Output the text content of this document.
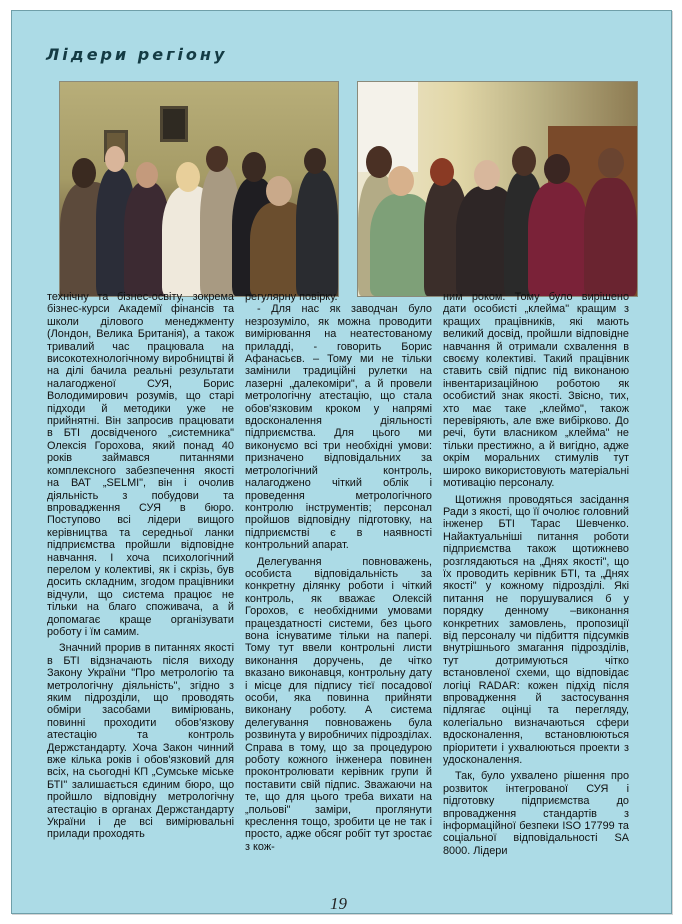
Лідери регіону

технічну та бізнес-освіту, зокрема бізнес-курси Академії фінансів та школи ділового менеджменту (Лондон, Велика Британія), а також тривалий час працювала на високотехнологічному виробництві й на ділі бачила реальні результати налагодженої СУЯ, Борис Володимирович розумів, що старі підходи й методики уже не прийнятні. Він запросив працювати в БТІ досвідченого „системника" Олексія Горохова, який понад 40 років займався питаннями комплексного забезпечення якості на ВАТ „SELMI", він і очолив діяльність з побудови та впровадження СУЯ в бюро. Поступово всі лідери вищого керівництва та середньої ланки підприємства пройшли відповідне навчання. І хоча психологічний перелом у колективі, як і скрізь, був досить складним, згодом працівники відчули, що система працює не тільки на благо споживача, а й допомагає краще організувати роботу і їм самим.

Значний прорив в питаннях якості в БТІ відзначають після виходу Закону України "Про метрологію та метрологічну діяльність", згідно з яким підрозділи, що проводять обміри засобами вимірювань, повинні проходити обов'язкову атестацію та контроль Держстандарту. Хоча Закон чинний вже кілька років і обов'язковий для всіх, на сьогодні КП „Сумське міське БТІ" залишається єдиним бюро, що пройшло відповідну метрологічну атестацію в органах Держстандарту України і де всі вимірювальні прилади проходять

регулярну повірку.

- Для нас як заводчан було незрозуміло, як можна проводити вимірювання на неатестованому приладді, - говорить Борис Афанасьєв. – Тому ми не тільки замінили традиційні рулетки на лазерні „далекоміри", а й провели метрологічну атестацію, що стала обов'язковим кроком у напрямі вдосконалення діяльності підприємства. Для цього ми виконуємо всі три необхідні умови: призначено відповідальних за метрологічний контроль, налагоджено чіткий облік і проведення метрологічного контролю інструментів; персонал пройшов відповідну підготовку, на підприємстві є в наявності контрольний апарат.

Делегування повноважень, особиста відповідальність за конкретну ділянку роботи і чіткий контроль, як вважає Олексій Горохов, є необхідними умовами працездатності системи, без цього вона існуватиме тільки на папері. Тому тут ввели контрольні листи виконання доручень, де чітко вказано виконавця, контрольну дату і місце для підпису тієї посадової особи, яка повинна прийняти виконану роботу. А система делегування повноважень була розвинута у виробничих підрозділах. Справа в тому, що за процедурою роботу кожного інженера повинен проконтролювати керівник групи й поставити свій підпис. Зважаючи на те, що для цього треба вихати на „польові" заміри, проглянути креслення тощо, зробити це не так і просто, адже обсяг робіт тут зростає з кож-

ним роком. Тому було вирішено дати особисті „клейма" кращим з кращих працівників, які мають великий досвід, пройшли відповідне навчання й отримали схвалення в своєму колективі. Такий працівник ставить свій підпис під виконаною інвентаризаційною роботою як особистий знак якості. Звісно, тих, хто має таке „клеймо", також перевіряють, але вже вибірково. До речі, бути власником „клейма" не тільки престижно, а й вигідно, адже окрім моральних стимулів тут широко використовують матеріальні мотивацію персоналу.

Щотижня проводяться засідання Ради з якості, що її очолює головний інженер БТІ Тарас Шевченко. Найактуальніші питання роботи підприємства також щотижнево розглядаються на „Днях якості", що їх проводить керівник БТІ, та „Днях якості" у кожному підрозділі. Які питання не порушувалися б у порядку денному –виконання конкретних замовлень, пропозиції від персоналу чи підбиття підсумків внутрішнього змагання підрозділів, тут дотримуються чітко встановленої схеми, що відповідає логіці RADAR: кожен підхід після впровадження й застосування підлягає оцінці та перегляду, колегіально визначаються сфери вдосконалення, встановлюються пріоритети і ухвалюються проекти з удосконалення.

Так, було ухвалено рішення про розвиток інтегрованої СУЯ і підготовку підприємства до впровадження стандартів з інформаційної безпеки ISO 17799 та соціальної відповідальності SA 8000. Лідери

19
